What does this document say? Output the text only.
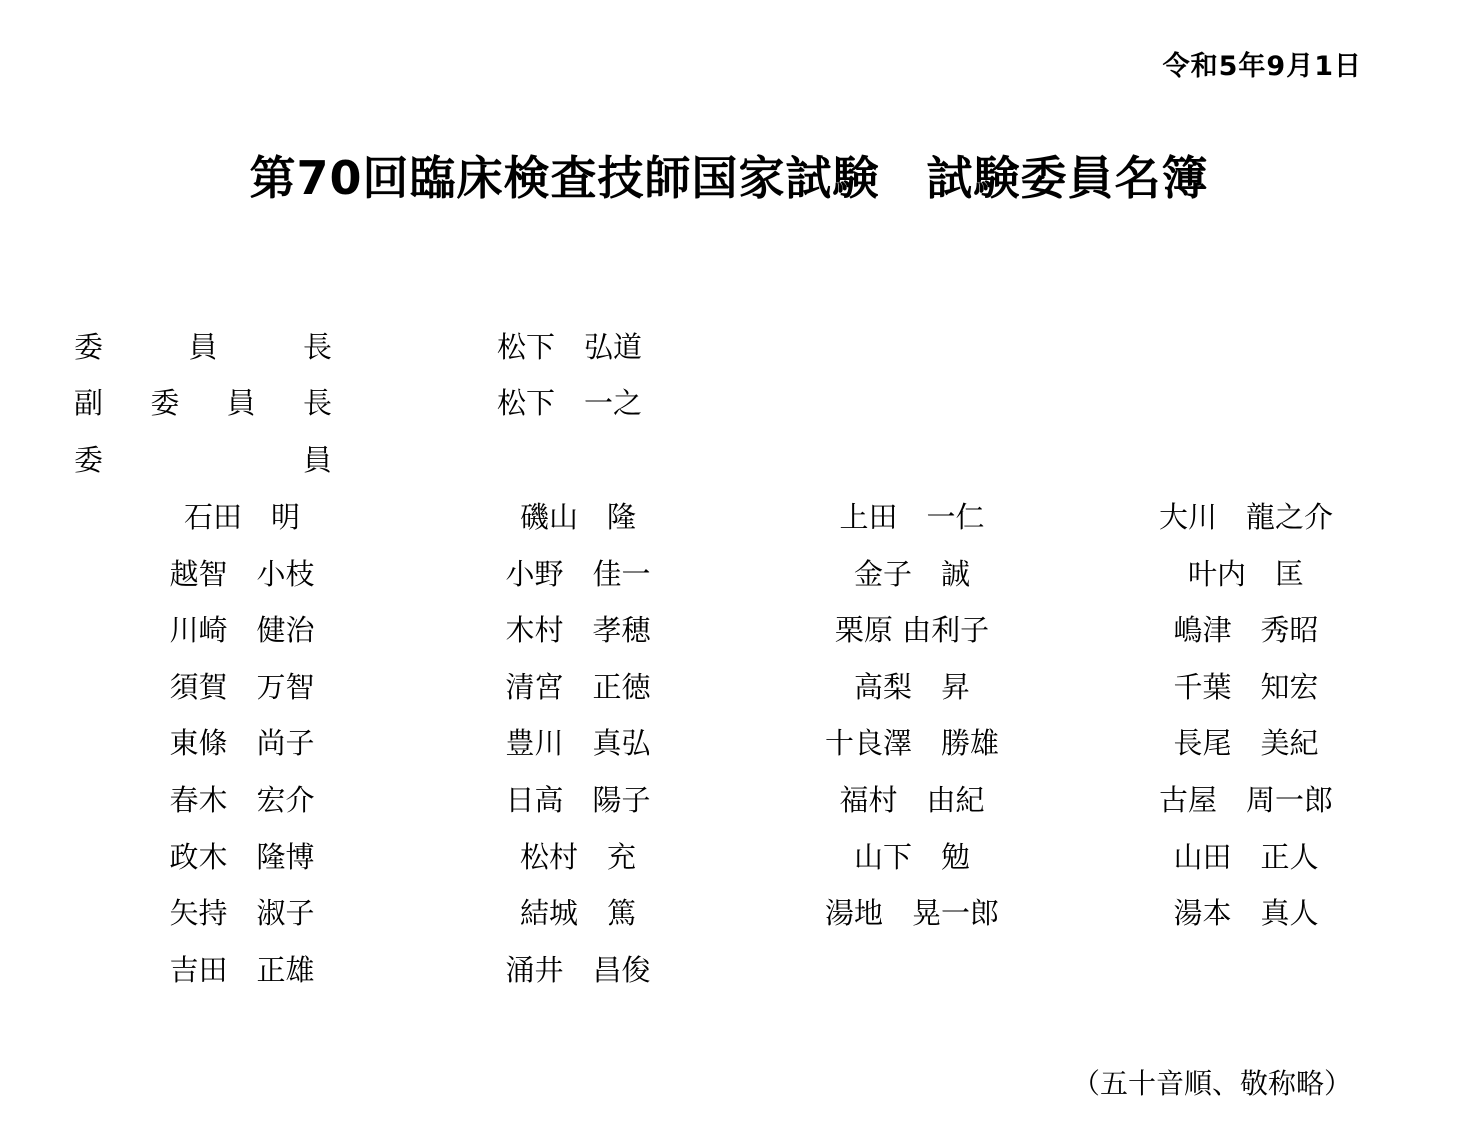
令和5年9月1日
第70回臨床検査技師国家試験　試験委員名簿
委	員	長	松下　弘道
副 委 員 長	松下　一之
委	員
石田　明	磯山　隆	上田　一仁	大川　龍之介
越智　小枝	小野　佳一	金子　誠	叶内　匡
川崎　健治	木村　孝穂	栗原 由利子	嶋津　秀昭
須賀　万智	清宮　正徳	高梨　昇	千葉　知宏
東條　尚子	豊川　真弘	十良澤　勝雄	長尾　美紀
春木　宏介	日高　陽子	福村　由紀	古屋　周一郎
政木　隆博	松村　充	山下　勉	山田　正人
矢持　淑子	結城　篤	湯地　晃一郎	湯本　真人
吉田　正雄	涌井　昌俊
（五十音順、敬称略）
